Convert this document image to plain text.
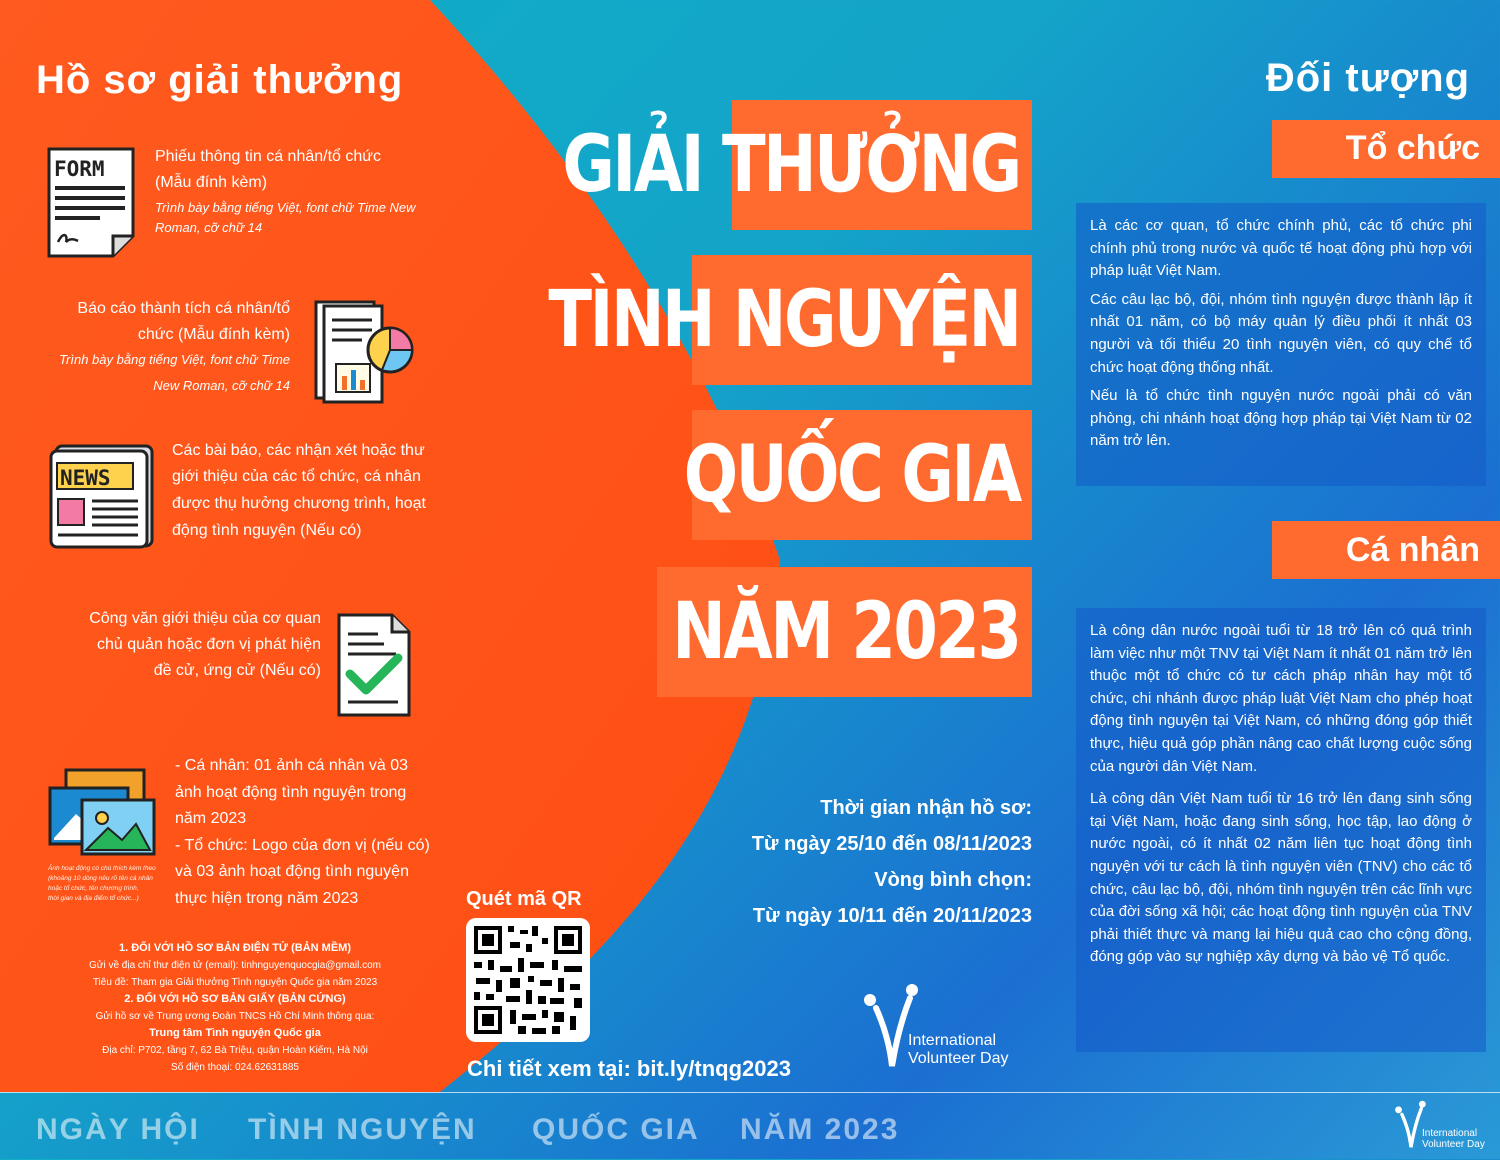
Hồ sơ giải thưởng
FORM
Phiếu thông tin cá nhân/tổ chức
(Mẫu đính kèm)
Trình bày bằng tiếng Việt, font chữ Time New
Roman, cỡ chữ 14
Báo cáo thành tích cá nhân/tổ
chức (Mẫu đính kèm)
Trình bày bằng tiếng Việt, font chữ Time
New Roman, cỡ chữ 14
NEWS
Các bài báo, các nhận xét hoặc thư
giới thiệu của các tổ chức, cá nhân
được thụ hưởng chương trình, hoạt
động tình nguyện (Nếu có)
Công văn giới thiệu của cơ quan
chủ quản hoặc đơn vị phát hiện
đề cử, ứng cử (Nếu có)
Ảnh hoạt động có chú thích kèm theo
(khoảng 10 dòng nêu rõ tên cá nhân
hoặc tổ chức, tên chương trình,
thời gian và địa điểm tổ chức...)
- Cá nhân: 01 ảnh cá nhân và 03
ảnh hoạt động tình nguyện trong
năm 2023
- Tổ chức: Logo của đơn vị (nếu có)
và 03 ảnh hoạt động tình nguyện
thực hiện trong năm 2023
1. ĐỐI VỚI HỒ SƠ BẢN ĐIỆN TỬ (BẢN MỀM)
Gửi về địa chỉ thư điện tử (email): tinhnguyenquocgia@gmail.com
Tiêu đề: Tham gia Giải thưởng Tình nguyện Quốc gia năm 2023
2. ĐỐI VỚI HỒ SƠ BẢN GIẤY (BẢN CỨNG)
Gửi hồ sơ về Trung ương Đoàn TNCS Hồ Chí Minh thông qua:
Trung tâm Tình nguyện Quốc gia
Địa chỉ: P702, tầng 7, 62 Bà Triệu, quận Hoàn Kiếm, Hà Nội
Số điện thoại: 024.62631885
GIẢI THƯỞNG
TÌNH NGUYỆN
QUỐC GIA
NĂM 2023
Thời gian nhận hồ sơ:
Từ ngày 25/10 đến 08/11/2023
Vòng bình chọn:
Từ ngày 10/11 đến 20/11/2023
Quét mã QR
Chi tiết xem tại: bit.ly/tnqg2023
International
Volunteer Day
Đối tượng
Tổ chức

Là các cơ quan, tổ chức chính phủ, các tổ chức phi chính phủ trong nước và quốc tế hoạt động phù hợp với pháp luật Việt Nam.

Các câu lạc bộ, đội, nhóm tình nguyện được thành lập ít nhất 01 năm, có bộ máy quản lý điều phối ít nhất 03 người và tối thiểu 20 tình nguyện viên, có quy chế tổ chức hoạt động thống nhất.

Nếu là tổ chức tình nguyện nước ngoài phải có văn phòng, chi nhánh hoạt động hợp pháp tại Việt Nam từ 02 năm trở lên.

Cá nhân

Là công dân nước ngoài tuổi từ 18 trở lên có quá trình làm việc như một TNV tại Việt Nam ít nhất 01 năm trở lên thuộc một tổ chức có tư cách pháp nhân hay một tổ chức, chi nhánh được pháp luật Việt Nam cho phép hoạt động tình nguyện tại Việt Nam, có những đóng góp thiết thực, hiệu quả góp phần nâng cao chất lượng cuộc sống của người dân Việt Nam.

Là công dân Việt Nam tuổi từ 16 trở lên đang sinh sống tại Việt Nam, hoặc đang sinh sống, học tập, lao động ở nước ngoài, có ít nhất 02 năm liên tục hoạt động tình nguyện với tư cách là tình nguyện viên (TNV) cho các tổ chức, câu lạc bộ, đội, nhóm tình nguyện trên các lĩnh vực của đời sống xã hội; các hoạt động tình nguyện của TNV phải thiết thực và mang lại hiệu quả cao cho cộng đồng, đóng góp vào sự nghiệp xây dựng và bảo vệ Tổ quốc.

International
Volunteer Day
NGÀY HỘI TÌNH NGUYỆN QUỐC GIA NĂM 2023
